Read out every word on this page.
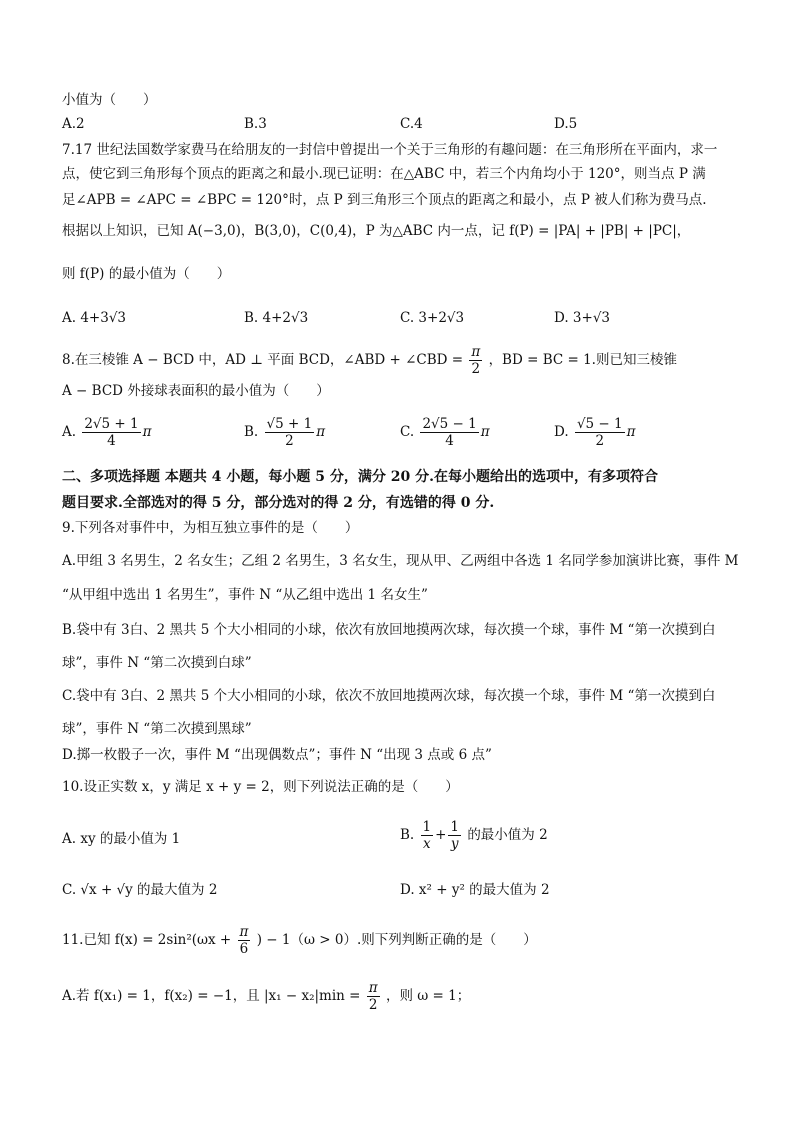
小值为（　　）
A.2	B.3	C.4	D.5
7.17 世纪法国数学家费马在给朋友的一封信中曾提出一个关于三角形的有趣问题：在三角形所在平面内，求一
点，使它到三角形每个顶点的距离之和最小.现已证明：在△ABC 中，若三个内角均小于 120°，则当点 P 满
足∠APB = ∠APC = ∠BPC = 120°时，点 P 到三角形三个顶点的距离之和最小，点 P 被人们称为费马点.
根据以上知识，已知 A(−3,0)，B(3,0)，C(0,4)，P 为△ABC 内一点，记 f(P) = |PA| + |PB| + |PC|，
则 f(P) 的最小值为（　　）
A. 4+3√3	B. 4+2√3	C. 3+2√3	D. 3+√3
8.在三棱锥 A − BCD 中，AD ⊥ 平面 BCD，∠ABD + ∠CBD = $\frac{\pi}{2}$ ，BD = BC = 1.则已知三棱锥
A − BCD 外接球表面积的最小值为（　　）
A. $\frac{2√5 + 1}{4}$ π	B. $\frac{√5 + 1}{2}$ π	C. $\frac{2√5 - 1}{4}$ π	D. $\frac{√5 - 1}{2}$ π
二、多项选择题 本题共 4 小题，每小题 5 分，满分 20 分.在每小题给出的选项中，有多项符合
题目要求.全部选对的得 5 分，部分选对的得 2 分，有选错的得 0 分.
9.下列各对事件中，为相互独立事件的是（　　）
A.甲组 3 名男生，2 名女生；乙组 2 名男生，3 名女生，现从甲、乙两组中各选 1 名同学参加演讲比赛，事件 M
“从甲组中选出 1 名男生”，事件 N “从乙组中选出 1 名女生”
B.袋中有 3白、2 黑共 5 个大小相同的小球，依次有放回地摸两次球，每次摸一个球，事件 M “第一次摸到白
球”，事件 N “第二次摸到白球”
C.袋中有 3白、2 黑共 5 个大小相同的小球，依次不放回地摸两次球，每次摸一个球，事件 M “第一次摸到白
球”，事件 N “第二次摸到黑球”
D.掷一枚骰子一次，事件 M “出现偶数点”；事件 N “出现 3 点或 6 点”
10.设正实数 x，y 满足 x + y = 2，则下列说法正确的是（　　）
A. xy 的最小值为 1	B. $\frac{1}{x} + \frac{1}{y}$ 的最小值为 2
C. √x + √y 的最大值为 2	D. x² + y² 的最大值为 2
11.已知 $f(x) = 2\sin^2(\omega x + \frac{\pi}{6}$ ) − 1（ω > 0）.则下列判断正确的是（　　）
A.若 f(x₁) = 1，f(x₂) = −1，且 $|x_1 - x_2|\min = \frac{\pi}{2}$ ，则 ω = 1；
